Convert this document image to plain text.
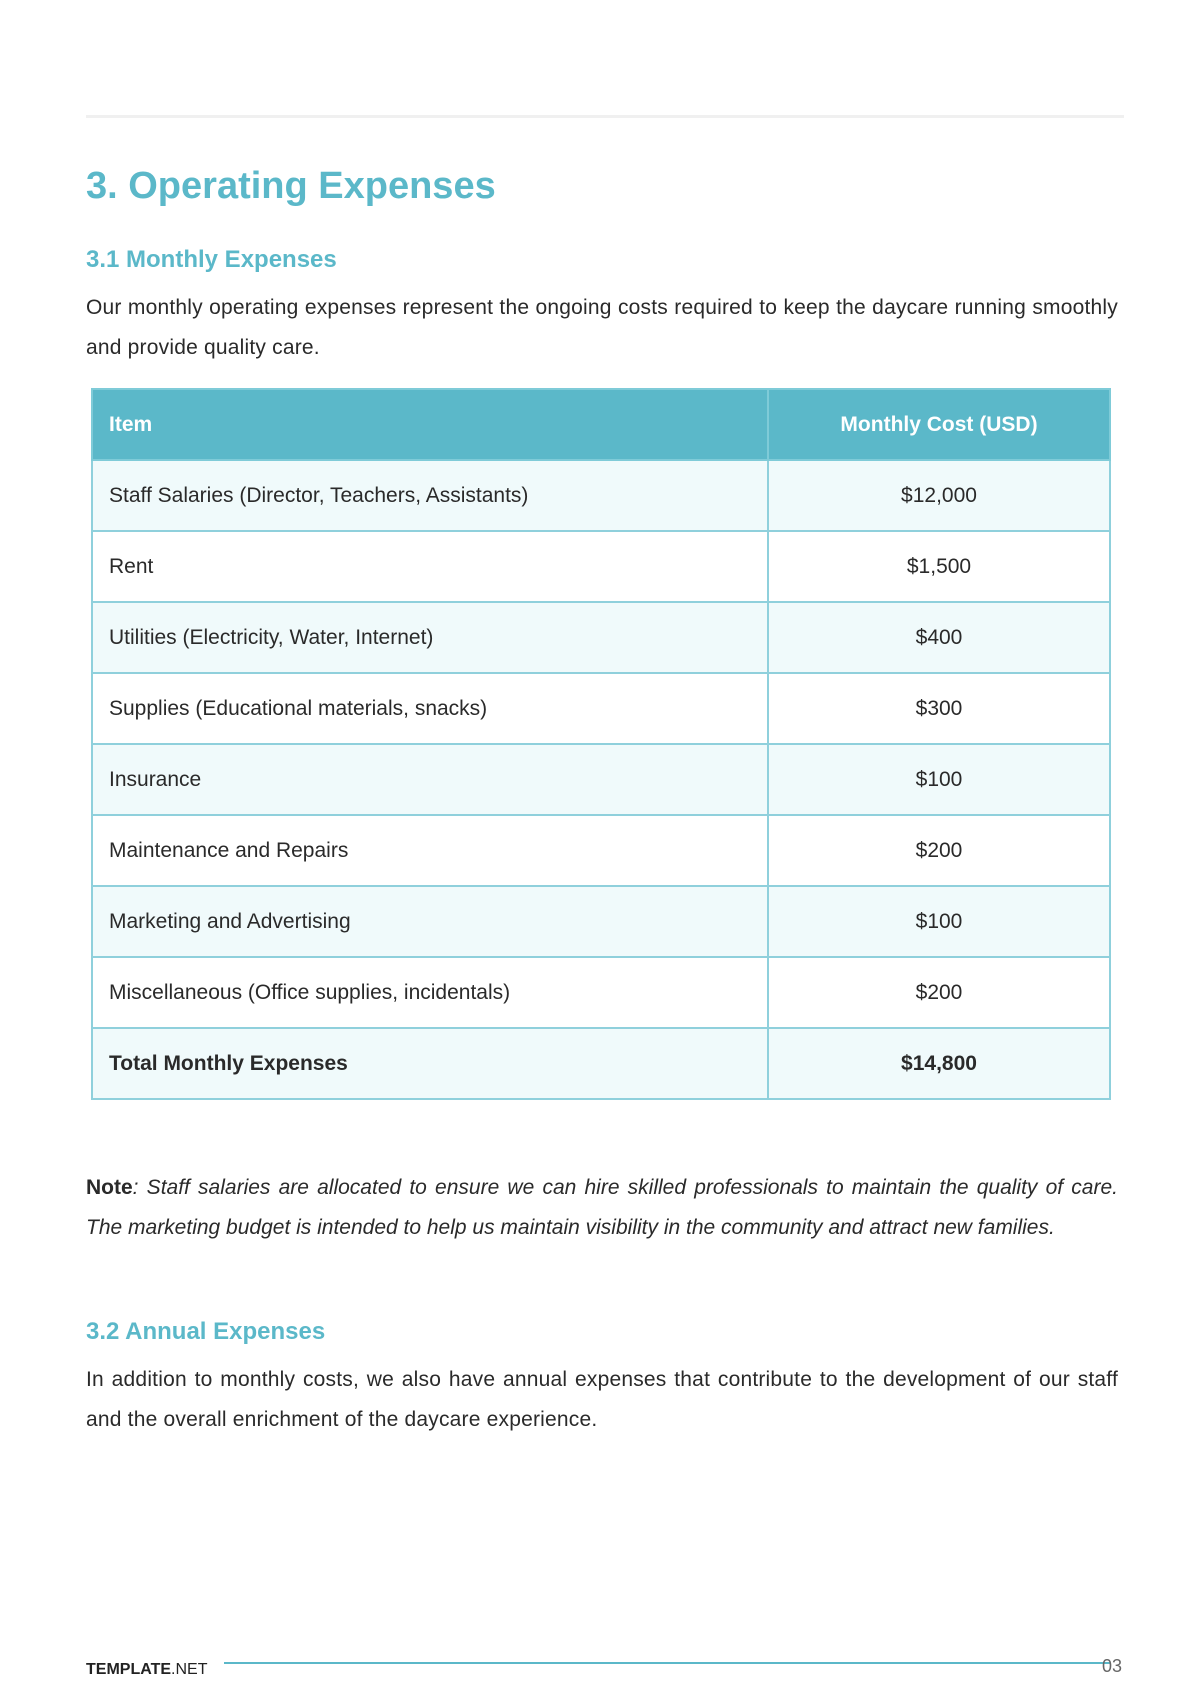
3. Operating Expenses
3.1 Monthly Expenses

Our monthly operating expenses represent the ongoing costs required to keep the daycare running smoothly and provide quality care.

Item	Monthly Cost (USD)
Staff Salaries (Director, Teachers, Assistants)	$12,000
Rent	$1,500
Utilities (Electricity, Water, Internet)	$400
Supplies (Educational materials, snacks)	$300
Insurance	$100
Maintenance and Repairs	$200
Marketing and Advertising	$100
Miscellaneous (Office supplies, incidentals)	$200
Total Monthly Expenses	$14,800

Note: Staff salaries are allocated to ensure we can hire skilled professionals to maintain the quality of care. The marketing budget is intended to help us maintain visibility in the community and attract new families.

3.2 Annual Expenses

In addition to monthly costs, we also have annual expenses that contribute to the development of our staff and the overall enrichment of the daycare experience.

TEMPLATE.NET	03
